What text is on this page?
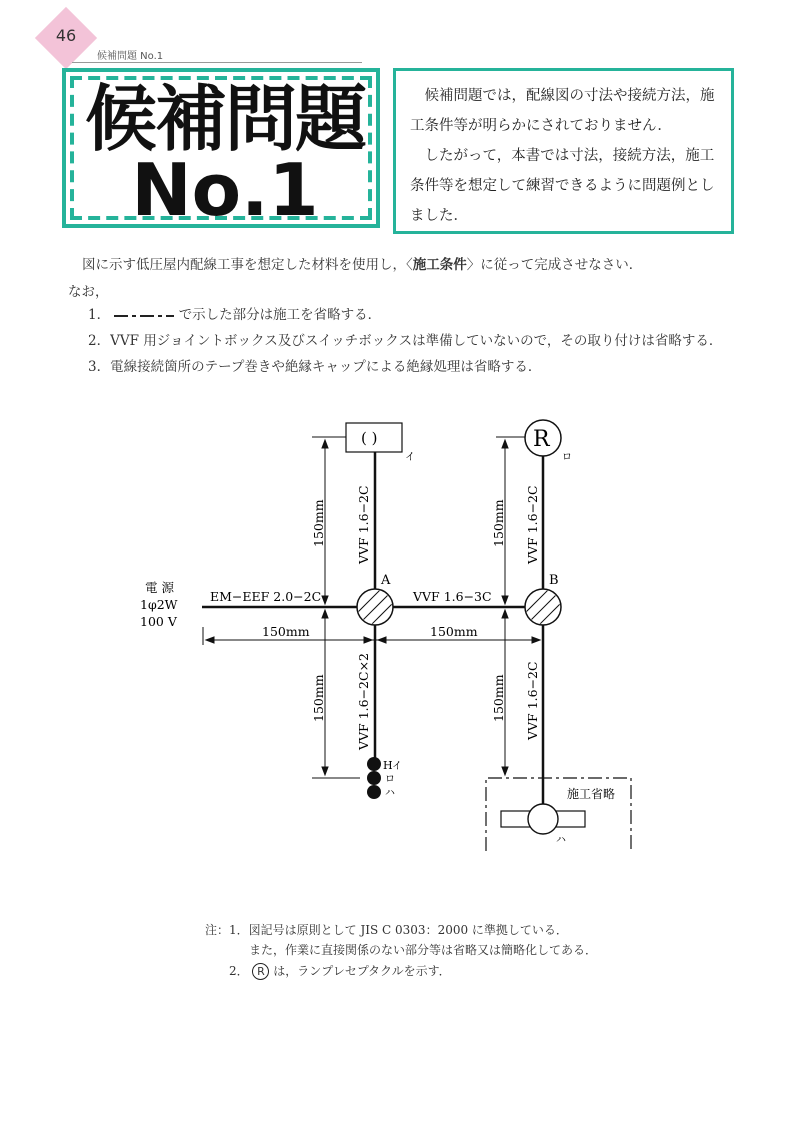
46
候補問題 No.1
候補問題
No.1

候補問題では，配線図の寸法や接続方法，施工条件等が明らかにされておりません．

したがって，本書では寸法，接続方法，施工条件等を想定して練習できるように問題例としました．

図に示す低圧屋内配線工事を想定した材料を使用し，〈施工条件〉に従って完成させなさい．
なお，
1．	で示した部分は施工を省略する．
2．VVF 用ジョイントボックス及びスイッチボックスは準備していないので，その取り付けは省略する．
3．電線接続箇所のテープ巻きや絶縁キャップによる絶縁処理は省略する．
電 源
1φ2W
100 V
EM−EEF 2.0−2C	VVF 1.6−3C
VVF 1.6−2C
VVF 1.6−2C×2
VVF 1.6−2C
VVF 1.6−2C
A	B
( )
イ
R
ロ
150mm	150mm
150mm	150mm
150mm	150mm
H イ
ロ
ハ	施工省略
ハ
注：1．図記号は原則として JIS C 0303：2000 に準拠している．
また，作業に直接関係のない部分等は省略又は簡略化してある．
2． R は，ランプレセプタクルを示す．
